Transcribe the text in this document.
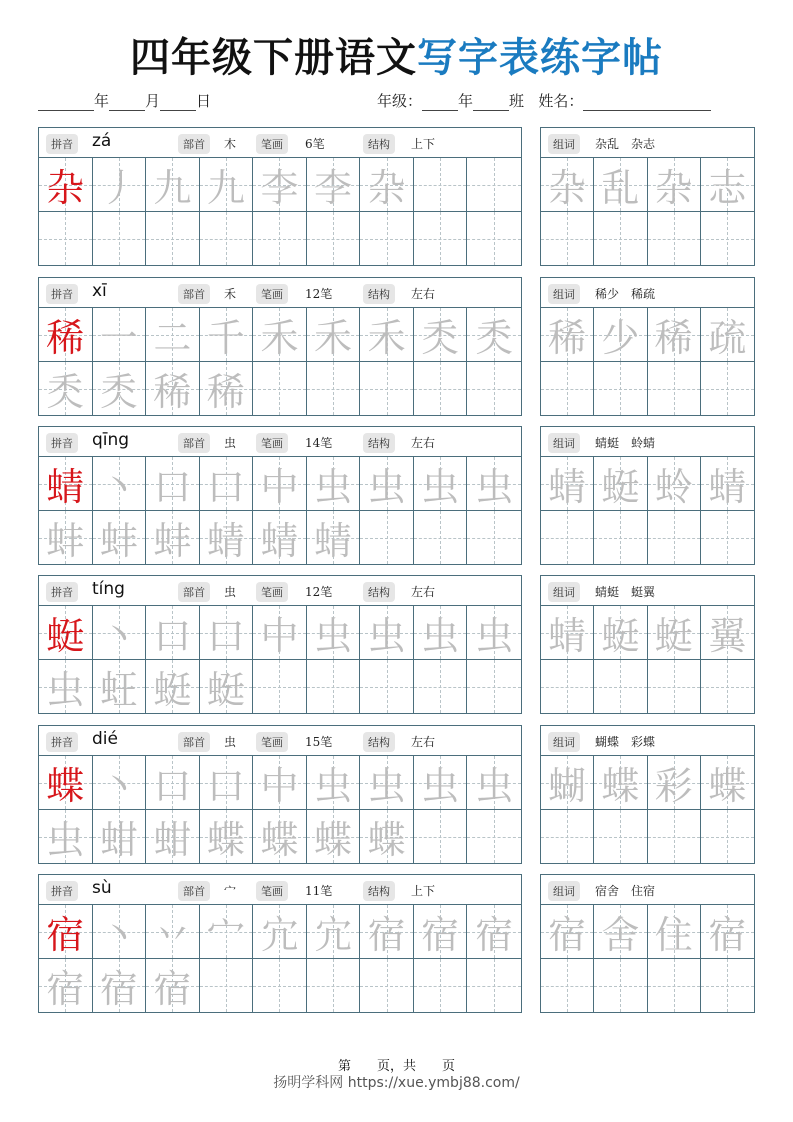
四年级下册语文写字表练字帖
年 月 日	年级： 年 班 姓名：
拼音 zá	部首	木	笔画	6笔	结构	上下
杂 丿 九 九 李 李 杂
组词	杂乱　杂志
杂 乱 杂 志
拼音 xī	部首	禾	笔画	12笔	结构	左右
稀 一 二 千 禾 禾 禾 秂 秂
秂 秂 稀 稀
组词	稀少　稀疏
稀 少 稀 疏
拼音 qīng	部首	虫	笔画	14笔	结构	左右
蜻 丶 口 口 中 虫 虫 虫 虫
蚌 蚌 蚌 蜻 蜻 蜻
组词	蜻蜓　蛉蜻
蜻 蜓 蛉 蜻
拼音 tíng	部首	虫	笔画	12笔	结构	左右
蜓 丶 口 口 中 虫 虫 虫 虫
虫 蚟 蜓 蜓
组词	蜻蜓　蜓翼
蜻 蜓 蜓 翼
拼音 dié	部首	虫	笔画	15笔	结构	左右
蝶 丶 口 口 中 虫 虫 虫 虫
虫 蚶 蚶 蝶 蝶 蝶 蝶
组词	蝴蝶　彩蝶
蝴 蝶 彩 蝶
拼音 sù	部首	宀	笔画	11笔	结构	上下
宿 丶 丷 宀 宂 宂 宿 宿 宿
宿 宿 宿
组词	宿舍　住宿
宿 舍 住 宿
第　　页，共　　页
扬明学科网 https://xue.ymbj88.com/
